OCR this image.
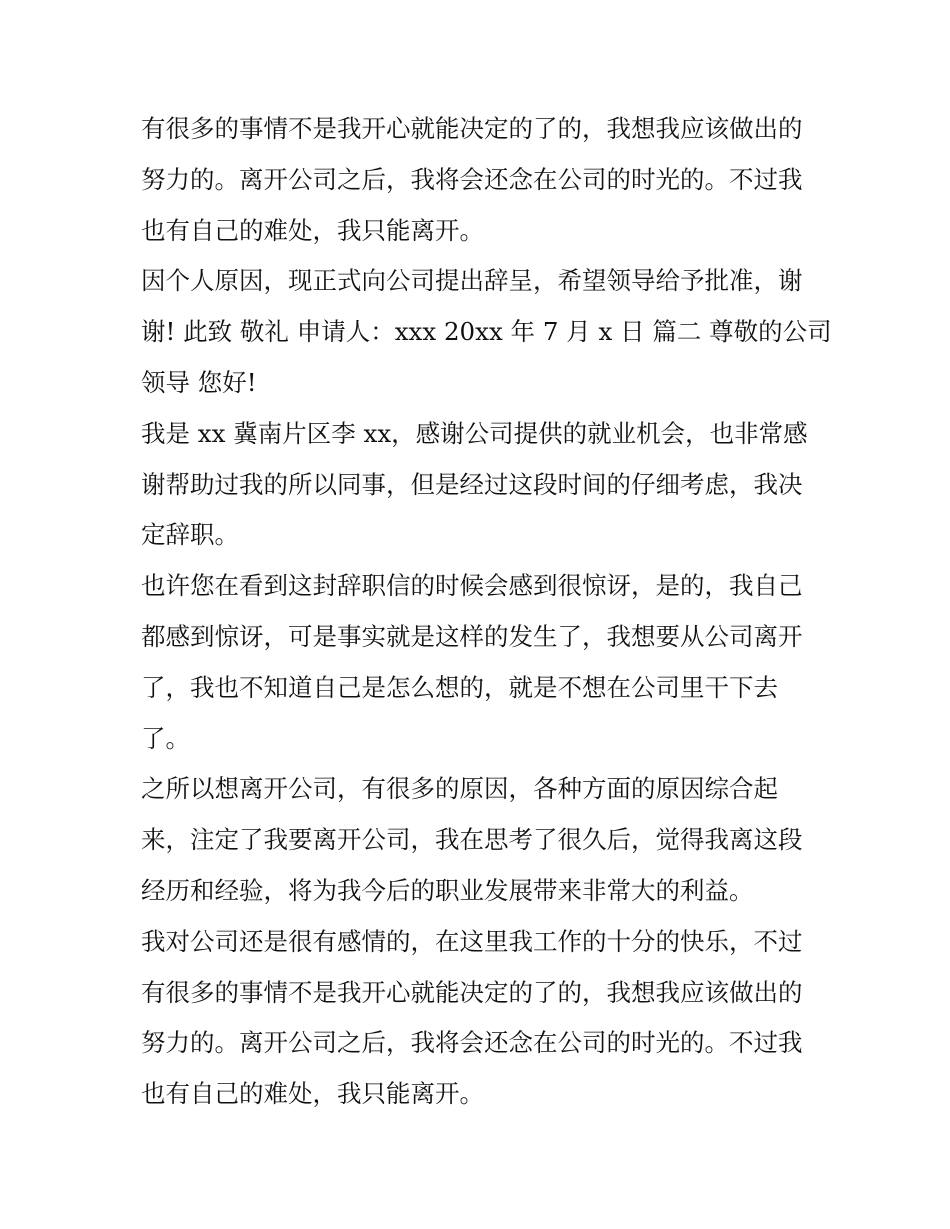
有很多的事情不是我开心就能决定的了的，我想我应该做出的
努力的。离开公司之后，我将会还念在公司的时光的。不过我
也有自己的难处，我只能离开。

因个人原因，现正式向公司提出辞呈，希望领导给予批准，谢
谢! 此致 敬礼 申请人：xxx 20xx 年 7 月 x 日 篇二 尊敬的公司
领导 您好!

我是 xx 冀南片区李 xx，感谢公司提供的就业机会，也非常感
谢帮助过我的所以同事，但是经过这段时间的仔细考虑，我决
定辞职。

也许您在看到这封辞职信的时候会感到很惊讶，是的，我自己
都感到惊讶，可是事实就是这样的发生了，我想要从公司离开
了，我也不知道自己是怎么想的，就是不想在公司里干下去
了。

之所以想离开公司，有很多的原因，各种方面的原因综合起
来，注定了我要离开公司，我在思考了很久后，觉得我离这段
经历和经验，将为我今后的职业发展带来非常大的利益。

我对公司还是很有感情的，在这里我工作的十分的快乐，不过
有很多的事情不是我开心就能决定的了的，我想我应该做出的
努力的。离开公司之后，我将会还念在公司的时光的。不过我
也有自己的难处，我只能离开。
